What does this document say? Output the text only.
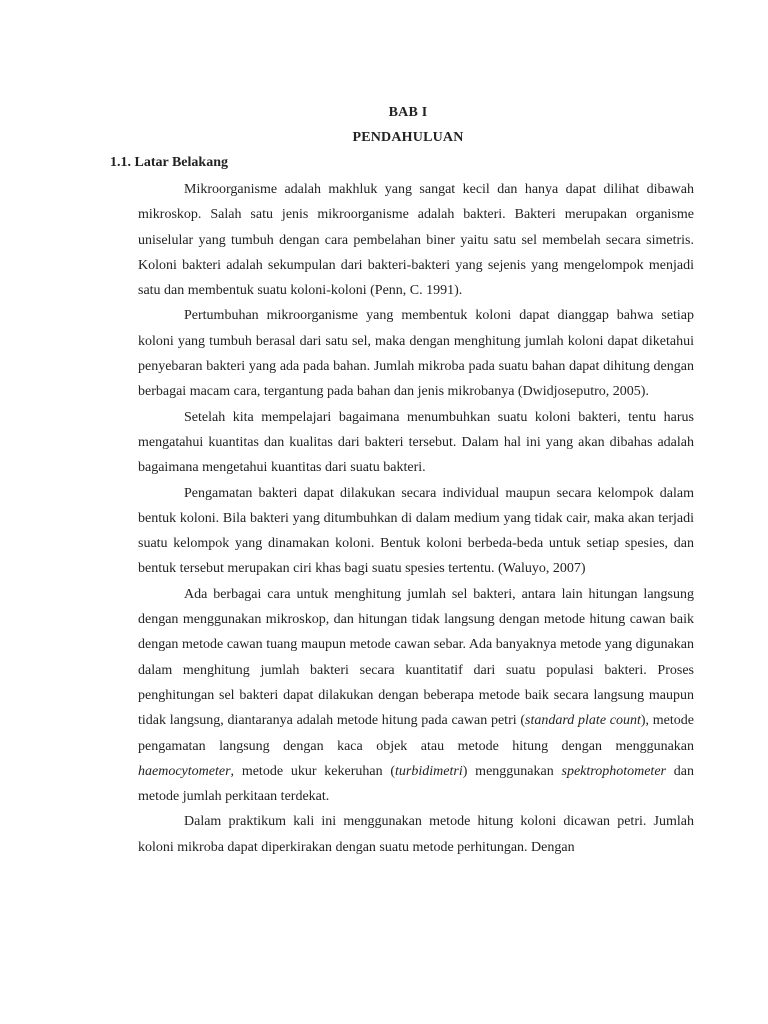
BAB I
PENDAHULUAN
1.1. Latar Belakang

Mikroorganisme adalah makhluk yang sangat kecil dan hanya dapat dilihat dibawah mikroskop. Salah satu jenis mikroorganisme adalah bakteri. Bakteri merupakan organisme uniselular yang tumbuh dengan cara pembelahan biner yaitu satu sel membelah secara simetris. Koloni bakteri adalah sekumpulan dari bakteri-bakteri yang sejenis yang mengelompok menjadi satu dan membentuk suatu koloni-koloni (Penn, C. 1991).

Pertumbuhan mikroorganisme yang membentuk koloni dapat dianggap bahwa setiap koloni yang tumbuh berasal dari satu sel, maka dengan menghitung jumlah koloni dapat diketahui penyebaran bakteri yang ada pada bahan. Jumlah mikroba pada suatu bahan dapat dihitung dengan berbagai macam cara, tergantung pada bahan dan jenis mikrobanya (Dwidjoseputro, 2005).

Setelah kita mempelajari bagaimana menumbuhkan suatu koloni bakteri, tentu harus mengatahui kuantitas dan kualitas dari bakteri tersebut. Dalam hal ini yang akan dibahas adalah bagaimana mengetahui kuantitas dari suatu bakteri.

Pengamatan bakteri dapat dilakukan secara individual maupun secara kelompok dalam bentuk koloni. Bila bakteri yang ditumbuhkan di dalam medium yang tidak cair, maka akan terjadi suatu kelompok yang dinamakan koloni. Bentuk koloni berbeda-beda untuk setiap spesies, dan bentuk tersebut merupakan ciri khas bagi suatu spesies tertentu. (Waluyo, 2007)

Ada berbagai cara untuk menghitung jumlah sel bakteri, antara lain hitungan langsung dengan menggunakan mikroskop, dan hitungan tidak langsung dengan metode hitung cawan baik dengan metode cawan tuang maupun metode cawan sebar. Ada banyaknya metode yang digunakan dalam menghitung jumlah bakteri secara kuantitatif dari suatu populasi bakteri. Proses penghitungan sel bakteri dapat dilakukan dengan beberapa metode baik secara langsung maupun tidak langsung, diantaranya adalah metode hitung pada cawan petri (standard plate count), metode pengamatan langsung dengan kaca objek atau metode hitung dengan menggunakan haemocytometer, metode ukur kekeruhan (turbidimetri) menggunakan spektrophotometer dan metode jumlah perkitaan terdekat.

Dalam praktikum kali ini menggunakan metode hitung koloni dicawan petri. Jumlah koloni mikroba dapat diperkirakan dengan suatu metode perhitungan. Dengan
